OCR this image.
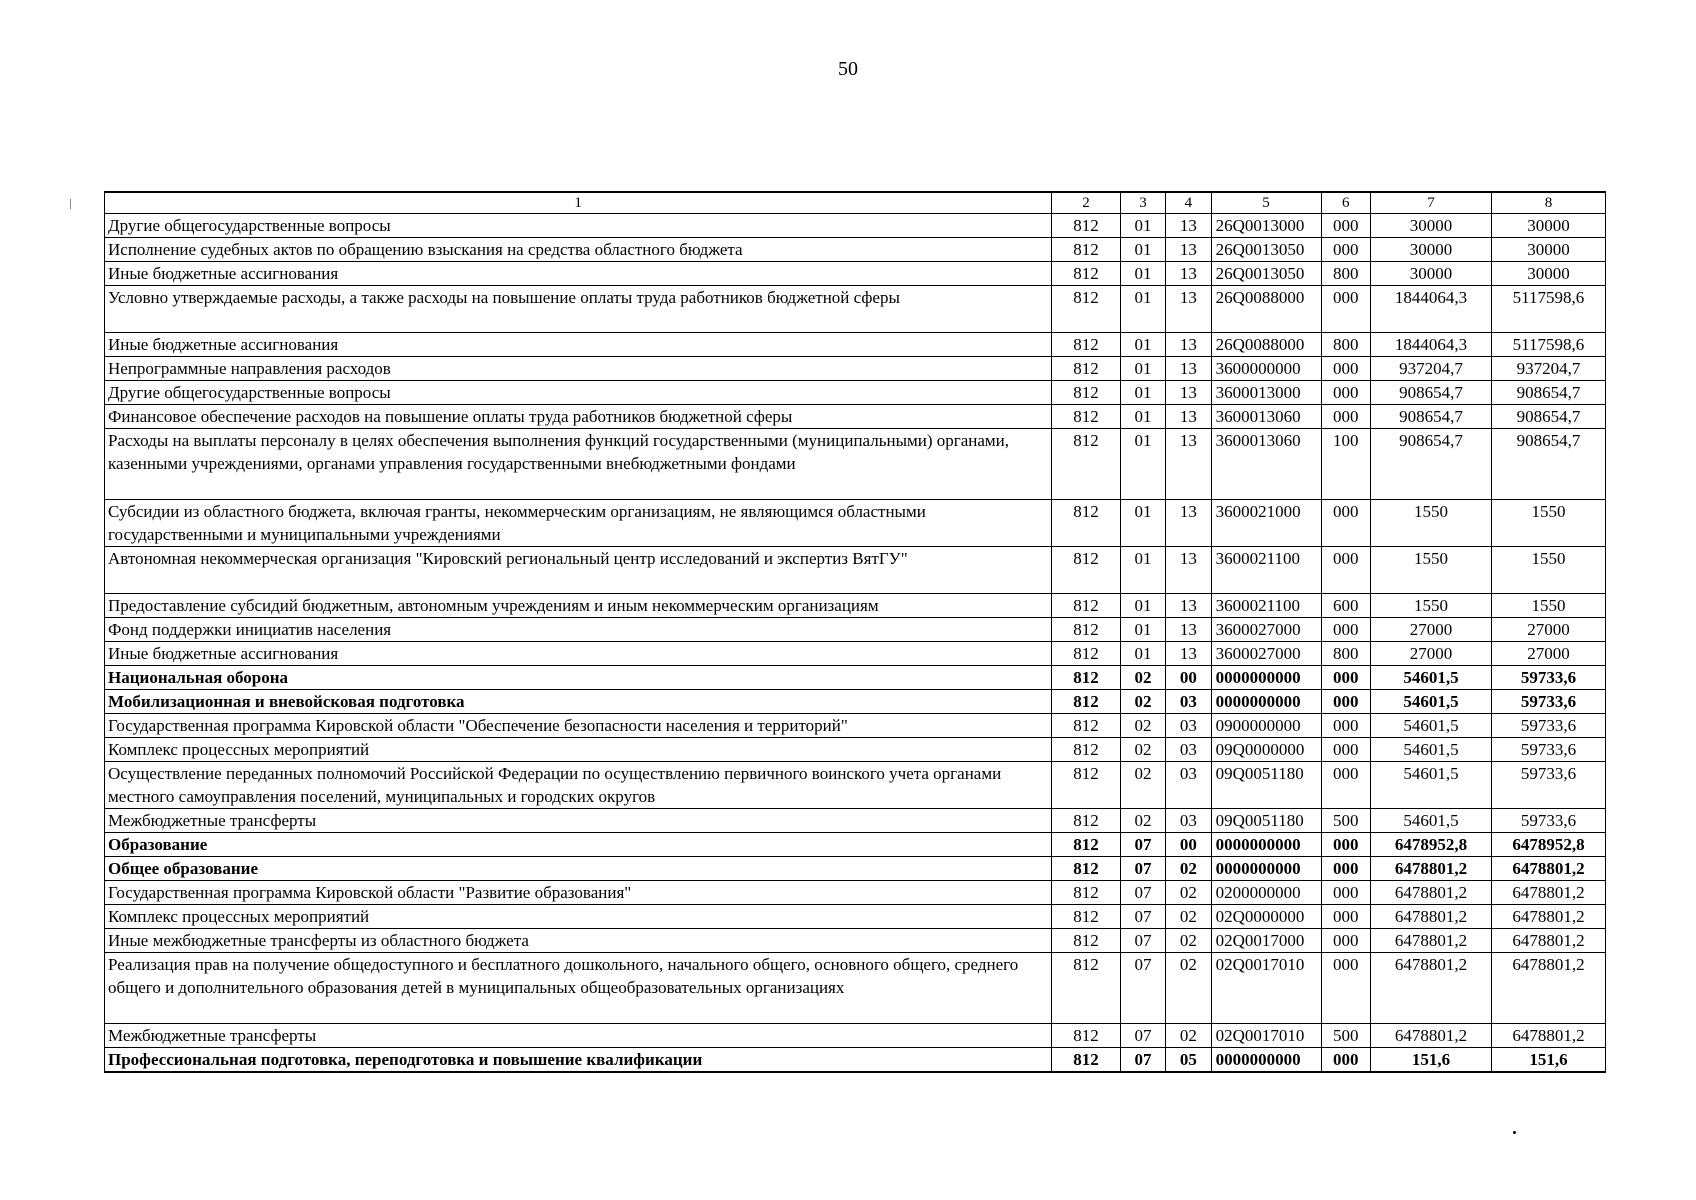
50
1	2	3	4	5	6	7	8
Другие общегосударственные вопросы	812	01	13	26Q0013000	000	30000	30000
Исполнение судебных актов по обращению взыскания на средства областного бюджета	812	01	13	26Q0013050	000	30000	30000
Иные бюджетные ассигнования	812	01	13	26Q0013050	800	30000	30000
Условно утверждаемые расходы, а также расходы на повышение оплаты труда работников бюджетной сферы	812	01	13	26Q0088000	000	1844064,3	5117598,6
Иные бюджетные ассигнования	812	01	13	26Q0088000	800	1844064,3	5117598,6
Непрограммные направления расходов	812	01	13	3600000000	000	937204,7	937204,7
Другие общегосударственные вопросы	812	01	13	3600013000	000	908654,7	908654,7
Финансовое обеспечение расходов на повышение оплаты труда работников бюджетной сферы	812	01	13	3600013060	000	908654,7	908654,7
Расходы на выплаты персоналу в целях обеспечения выполнения функций государственными (муниципальными) органами, казенными учреждениями, органами управления государственными внебюджетными фондами	812	01	13	3600013060	100	908654,7	908654,7
Субсидии из областного бюджета, включая гранты, некоммерческим организациям, не являющимся областными государственными и муниципальными учреждениями	812	01	13	3600021000	000	1550	1550
Автономная некоммерческая организация "Кировский региональный центр исследований и экспертиз ВятГУ"	812	01	13	3600021100	000	1550	1550
Предоставление субсидий бюджетным, автономным учреждениям и иным некоммерческим организациям	812	01	13	3600021100	600	1550	1550
Фонд поддержки инициатив населения	812	01	13	3600027000	000	27000	27000
Иные бюджетные ассигнования	812	01	13	3600027000	800	27000	27000
Национальная оборона	812	02	00	0000000000	000	54601,5	59733,6
Мобилизационная и вневойсковая подготовка	812	02	03	0000000000	000	54601,5	59733,6
Государственная программа Кировской области "Обеспечение безопасности населения и территорий"	812	02	03	0900000000	000	54601,5	59733,6
Комплекс процессных мероприятий	812	02	03	09Q0000000	000	54601,5	59733,6
Осуществление переданных полномочий Российской Федерации по осуществлению первичного воинского учета органами местного самоуправления поселений, муниципальных и городских округов	812	02	03	09Q0051180	000	54601,5	59733,6
Межбюджетные трансферты	812	02	03	09Q0051180	500	54601,5	59733,6
Образование	812	07	00	0000000000	000	6478952,8	6478952,8
Общее образование	812	07	02	0000000000	000	6478801,2	6478801,2
Государственная программа Кировской области "Развитие образования"	812	07	02	0200000000	000	6478801,2	6478801,2
Комплекс процессных мероприятий	812	07	02	02Q0000000	000	6478801,2	6478801,2
Иные межбюджетные трансферты из областного бюджета	812	07	02	02Q0017000	000	6478801,2	6478801,2
Реализация прав на получение общедоступного и бесплатного дошкольного, начального общего, основного общего, среднего общего и дополнительного образования детей в муниципальных общеобразовательных организациях	812	07	02	02Q0017010	000	6478801,2	6478801,2
Межбюджетные трансферты	812	07	02	02Q0017010	500	6478801,2	6478801,2
Профессиональная подготовка, переподготовка и повышение квалификации	812	07	05	0000000000	000	151,6	151,6
